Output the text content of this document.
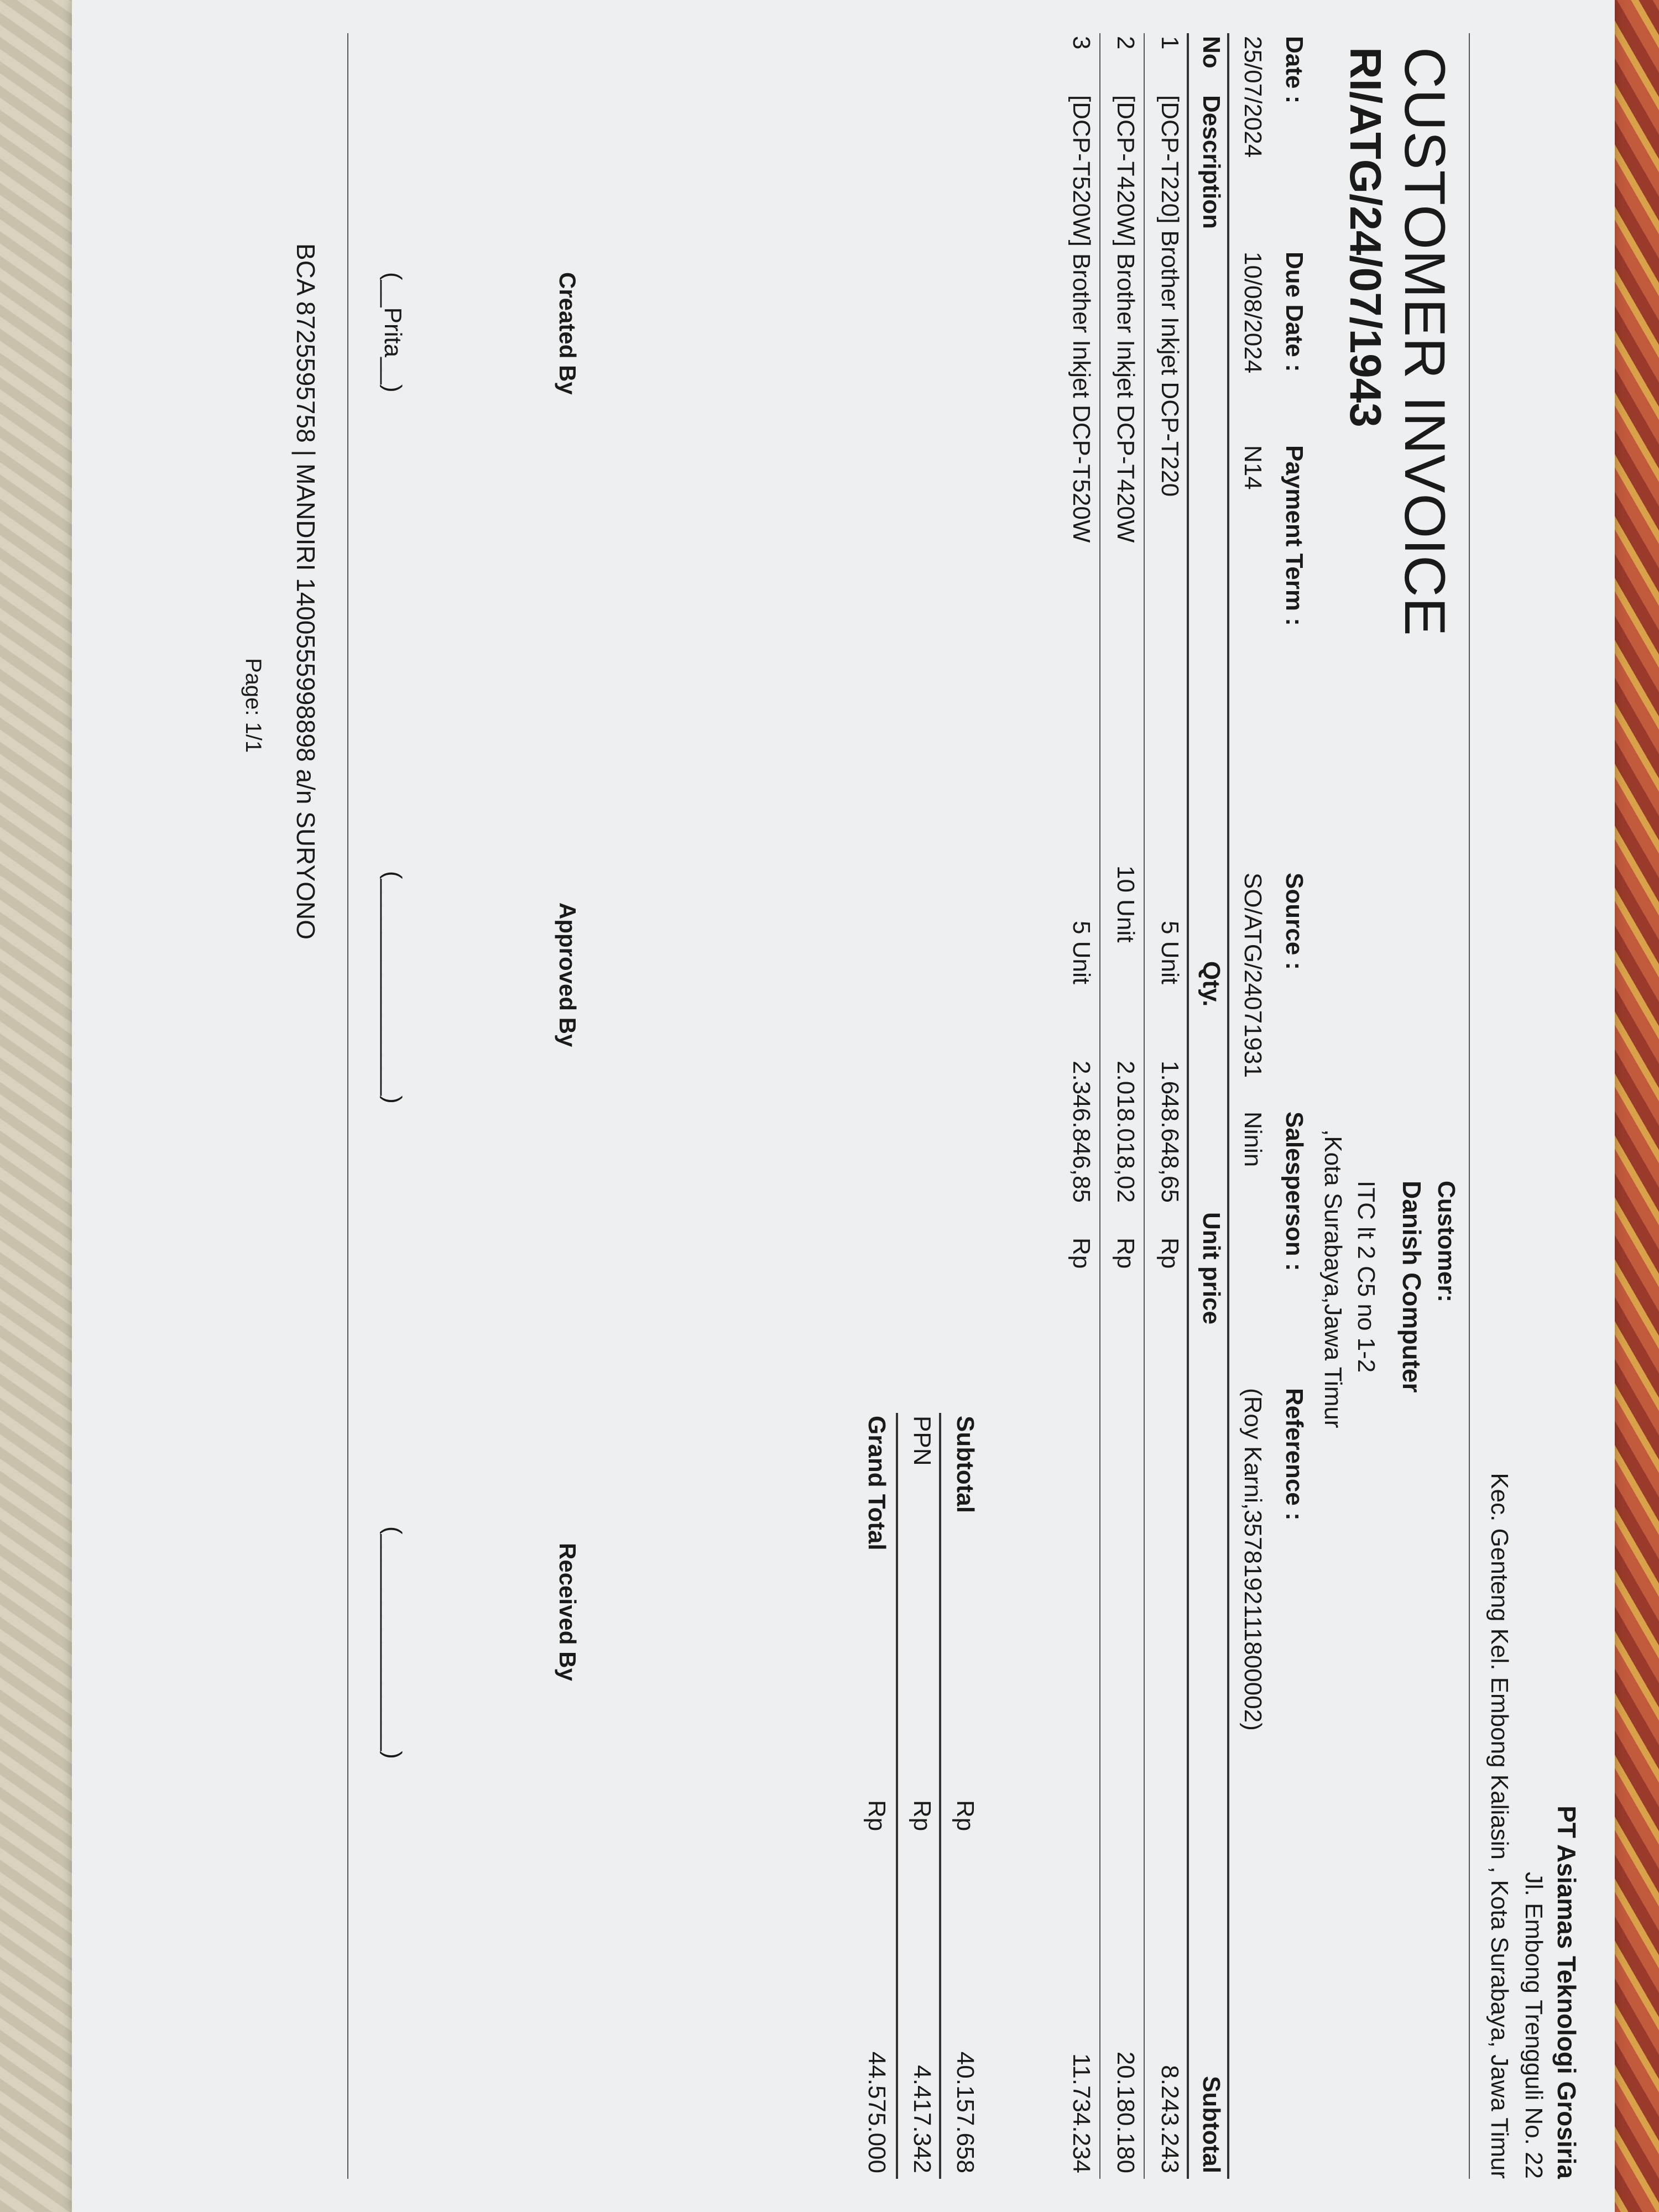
PT Asiamas Teknologi Grosiria
Jl. Embong Trengguli No. 22
Kec. Genteng Kel. Embong Kaliasin , Kota Surabaya, Jawa Timur
CUSTOMER INVOICE
RI/ATG/24/07/1943
Customer:
Danish Computer
ITC lt 2 C5 no 1-2
,Kota Surabaya,Jawa Timur
Date :
Due Date :
Payment Term :
Source :
Salesperson :
Reference :
25/07/2024
10/08/2024
N14
SO/ATG/24071931
Ninin
(Roy Karni,3578192111800002)
No
Description
Qty.
Unit price
Subtotal
1
[DCP-T220] Brother Inkjet DCP-T220
5 Unit
1.648.648,65
Rp
8.243.243
2
[DCP-T420W] Brother Inkjet DCP-T420W
10 Unit
2.018.018,02
Rp
20.180.180
3
[DCP-T520W] Brother Inkjet DCP-T520W
5 Unit
2.346.846,85
Rp
11.734.234
Subtotal
Rp
40.157.658
PPN
Rp
4.417.342
Grand Total
Rp
44.575.000
Created By
Approved By
Received By
(__Prita__)
(________________)
(________________)
BCA 8725595758 | MANDIRI 1400555998898 a/n SURYONO
Page: 1/1
